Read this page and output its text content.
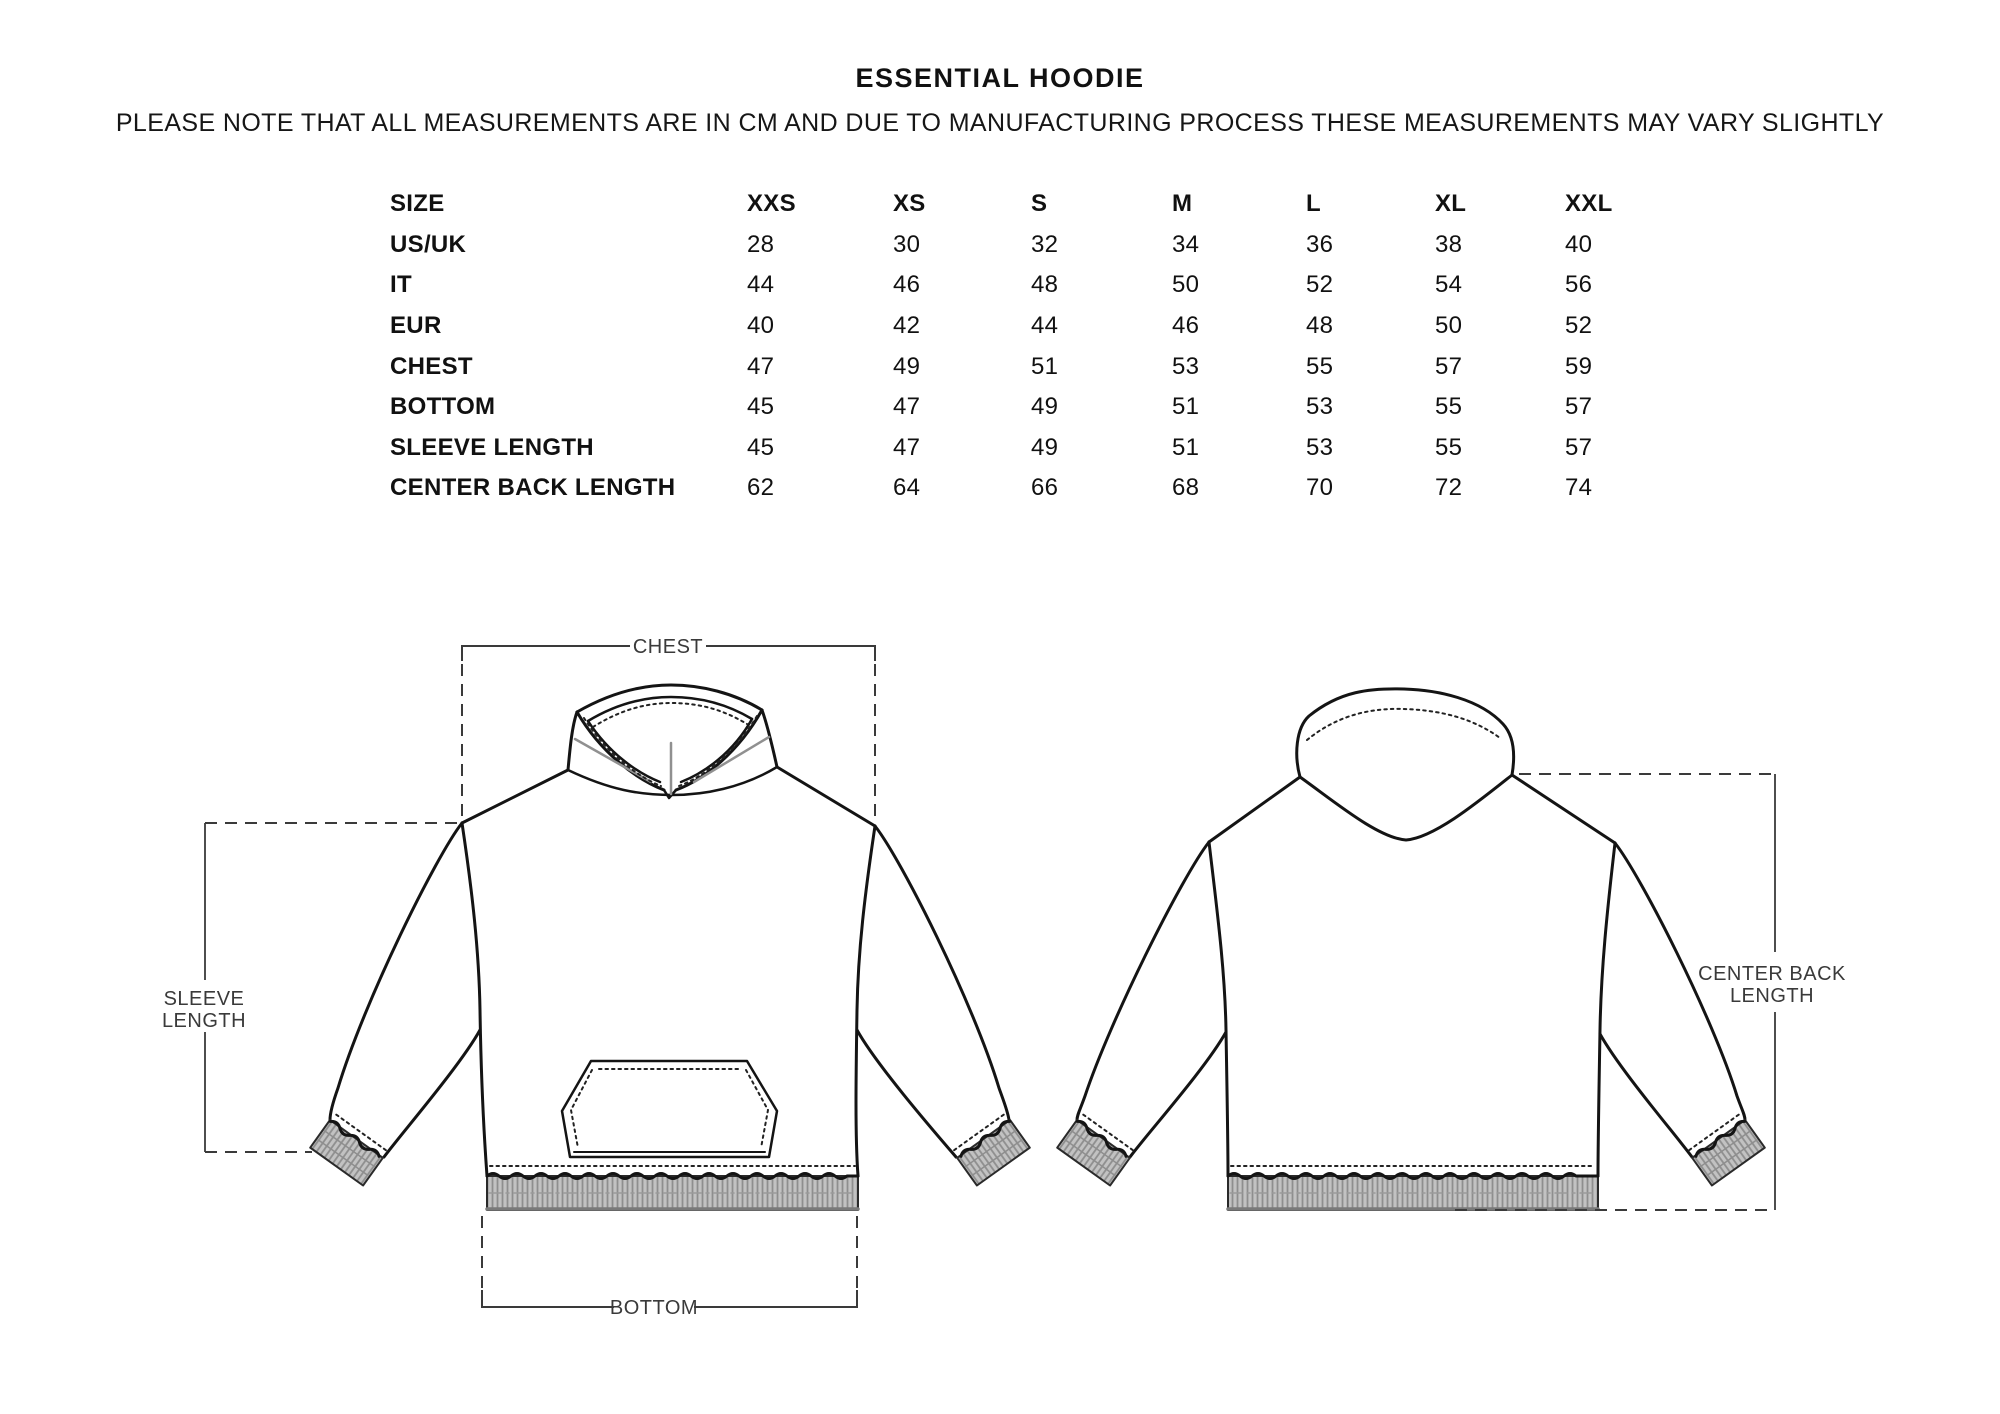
ESSENTIAL HOODIE

PLEASE NOTE THAT ALL MEASUREMENTS ARE IN CM AND DUE TO MANUFACTURING PROCESS THESE MEASUREMENTS MAY VARY SLIGHTLY

SIZE	XXS	XS	S	M	L	XL	XXL
US/UK	28	30	32	34	36	38	40
IT	44	46	48	50	52	54	56
EUR	40	42	44	46	48	50	52
CHEST	47	49	51	53	55	57	59
BOTTOM	45	47	49	51	53	55	57
SLEEVE LENGTH	45	47	49	51	53	55	57
CENTER BACK LENGTH	62	64	66	68	70	72	74
CHEST
SLEEVE
LENGTH
BOTTOM
CENTER BACK
LENGTH
